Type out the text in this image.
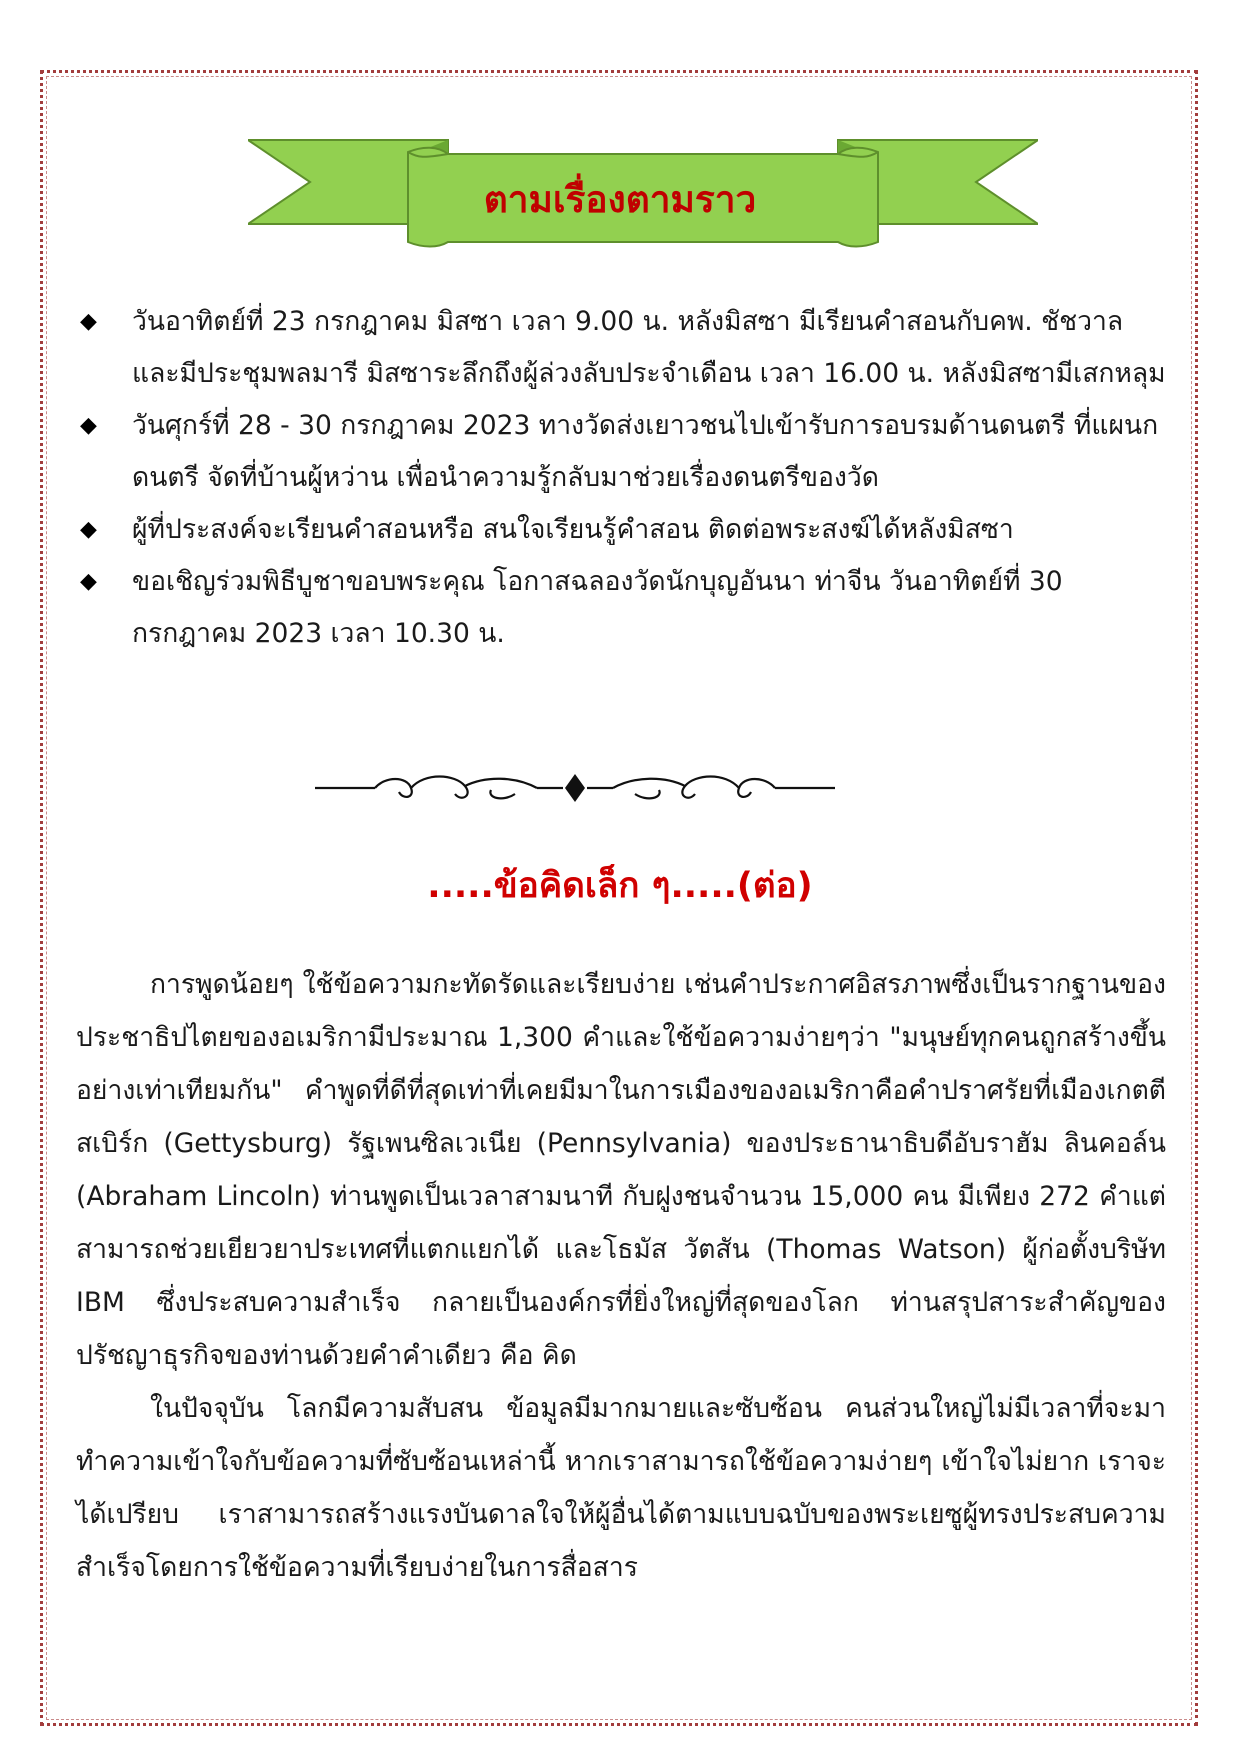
ตามเรื่องตามราว
◆ วันอาทิตย์ที่ 23 กรกฎาคม มิสซา เวลา 9.00 น. หลังมิสซา มีเรียนคำสอนกับคพ. ชัชวาล และมีประชุมพลมารี มิสซาระลึกถึงผู้ล่วงลับประจำเดือน เวลา 16.00 น. หลังมิสซามีเสกหลุม
◆ วันศุกร์ที่ 28 - 30 กรกฎาคม 2023 ทางวัดส่งเยาวชนไปเข้ารับการอบรมด้านดนตรี ที่แผนกดนตรี จัดที่บ้านผู้หว่าน เพื่อนำความรู้กลับมาช่วยเรื่องดนตรีของวัด
◆ ผู้ที่ประสงค์จะเรียนคำสอนหรือ สนใจเรียนรู้คำสอน ติดต่อพระสงฆ์ได้หลังมิสซา
◆ ขอเชิญร่วมพิธีบูชาขอบพระคุณ โอกาสฉลองวัดนักบุญอันนา ท่าจีน วันอาทิตย์ที่ 30 กรกฎาคม 2023 เวลา 10.30 น.
.....ข้อคิดเล็ก ๆ.....(ต่อ)

การพูดน้อยๆ ใช้ข้อความกะทัดรัดและเรียบง่าย เช่นคำประกาศอิสรภาพซึ่งเป็นรากฐานของประชาธิปไตยของอเมริกามีประมาณ 1,300 คำและใช้ข้อความง่ายๆว่า "มนุษย์ทุกคนถูกสร้างขึ้นอย่างเท่าเทียมกัน" คำพูดที่ดีที่สุดเท่าที่เคยมีมาในการเมืองของอเมริกาคือคำปราศรัยที่เมืองเกตตีสเบิร์ก (Gettysburg) รัฐเพนซิลเวเนีย (Pennsylvania) ของประธานาธิบดีอับราฮัม ลินคอล์น (Abraham Lincoln) ท่านพูดเป็นเวลาสามนาที กับฝูงชนจำนวน 15,000 คน มีเพียง 272 คำแต่สามารถช่วยเยียวยาประเทศที่แตกแยกได้ และโธมัส วัตสัน (Thomas Watson) ผู้ก่อตั้งบริษัท IBM ซึ่งประสบความสำเร็จ กลายเป็นองค์กรที่ยิ่งใหญ่ที่สุดของโลก ท่านสรุปสาระสำคัญของปรัชญาธุรกิจของท่านด้วยคำคำเดียว คือ คิด

ในปัจจุบัน โลกมีความสับสน ข้อมูลมีมากมายและซับซ้อน คนส่วนใหญ่ไม่มีเวลาที่จะมาทำความเข้าใจกับข้อความที่ซับซ้อนเหล่านี้ หากเราสามารถใช้ข้อความง่ายๆ เข้าใจไม่ยาก เราจะได้เปรียบ เราสามารถสร้างแรงบันดาลใจให้ผู้อื่นได้ตามแบบฉบับของพระเยซูผู้ทรงประสบความสำเร็จโดยการใช้ข้อความที่เรียบง่ายในการสื่อสาร
